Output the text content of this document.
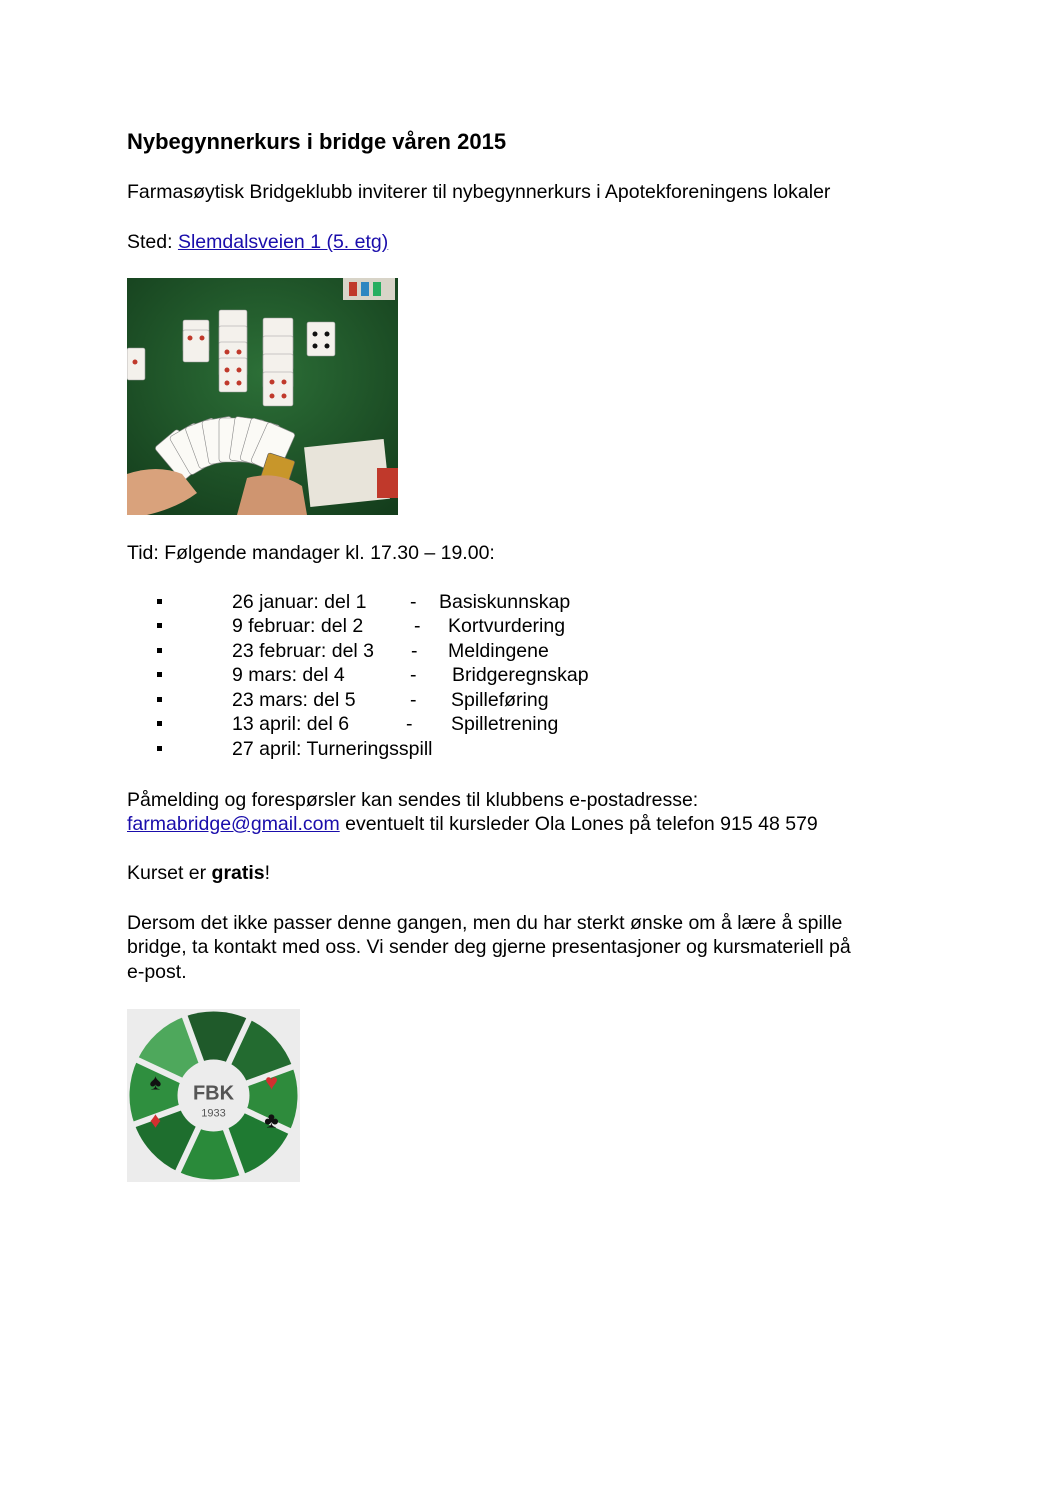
Nybegynnerkurs i bridge våren 2015
Farmasøytisk Bridgeklubb inviterer til nybegynnerkurs i Apotekforeningens lokaler
Sted: Slemdalsveien 1 (5. etg)
Tid: Følgende mandager kl. 17.30 – 19.00:
26 januar: del 1 - Basiskunnskap
9 februar: del 2	- Kortvurdering
23 februar: del 3 - Meldingene
9 mars: del 4	- Bridgeregnskap
23 mars: del 5	- Spilleføring
13 april: del 6	- Spilletrening
27 april: Turneringsspill
Påmelding og forespørsler kan sendes til klubbens e-postadresse:
farmabridge@gmail.com eventuelt til kursleder Ola Lones på telefon 915 48 579
Kurset er gratis!
Dersom det ikke passer denne gangen, men du har sterkt ønske om å lære å spille
bridge, ta kontakt med oss. Vi sender deg gjerne presentasjoner og kursmateriell på
e-post.
FBK
1933
♠	♥
♦	♣
